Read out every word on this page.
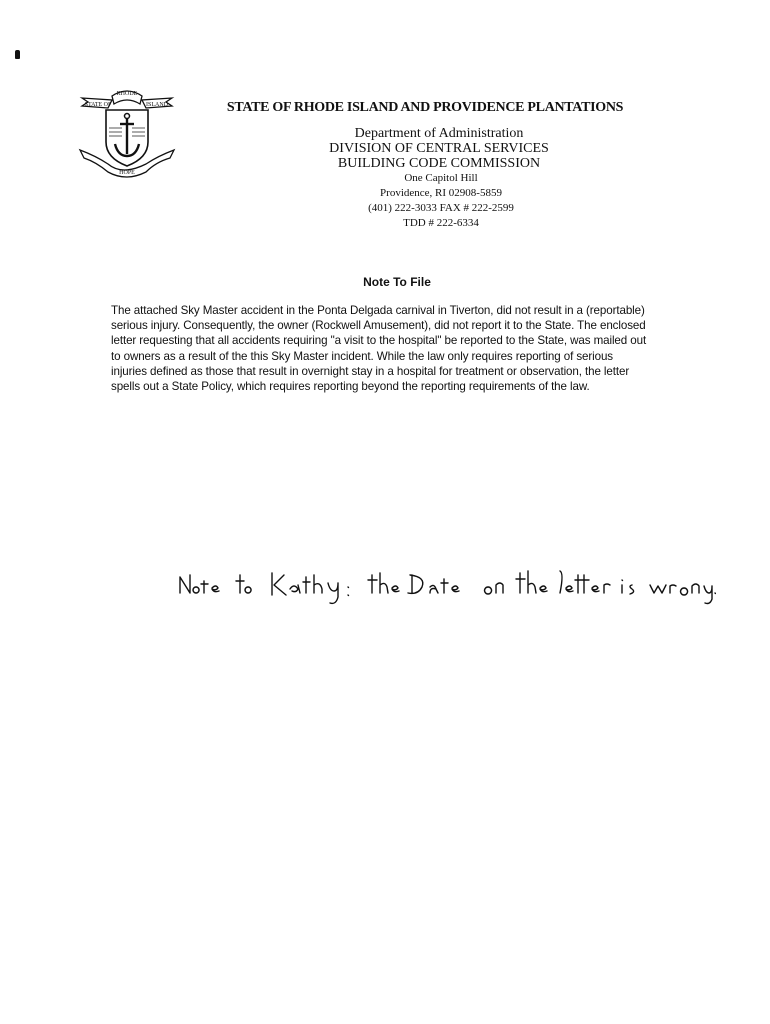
RHODE
STATE OF	ISLAND
HOPE
STATE OF RHODE ISLAND AND PROVIDENCE PLANTATIONS
Department of Administration
DIVISION OF CENTRAL SERVICES
BUILDING CODE COMMISSION
One Capitol Hill
Providence, RI 02908-5859
(401) 222-3033 FAX # 222-2599
TDD # 222-6334
Note To File

The attached Sky Master accident in the Ponta Delgada carnival in Tiverton, did not result in a (reportable) serious injury. Consequently, the owner (Rockwell Amusement), did not report it to the State. The enclosed letter requesting that all accidents requiring "a visit to the hospital" be reported to the State, was mailed out to owners as a result of the this Sky Master incident. While the law only requires reporting of serious injuries defined as those that result in overnight stay in a hospital for treatment or observation, the letter spells out a State Policy, which requires reporting beyond the reporting requirements of the law.
